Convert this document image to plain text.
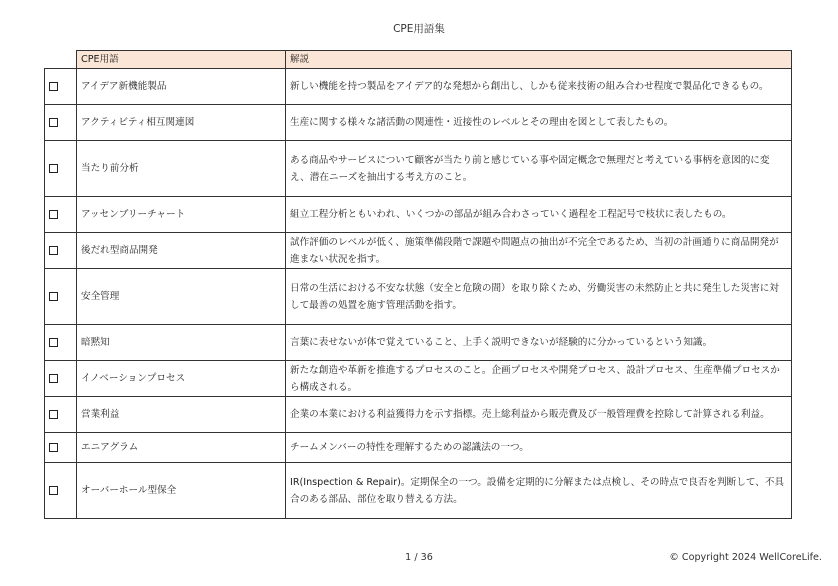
CPE用語集
	CPE用語	解説
	アイデア新機能製品	新しい機能を持つ製品をアイデア的な発想から創出し、しかも従来技術の組み合わせ程度で製品化できるもの。
	アクティビティ相互関連図	生産に関する様々な諸活動の関連性・近接性のレベルとその理由を図として表したもの。
	当たり前分析	ある商品やサービスについて顧客が当たり前と感じている事や固定概念で無理だと考えている事柄を意図的に変え、潜在ニーズを抽出する考え方のこと。
	アッセンブリーチャート	組立工程分析ともいわれ、いくつかの部品が組み合わさっていく過程を工程記号で枝状に表したもの。
	後だれ型商品開発	試作評価のレベルが低く、施策準備段階で課題や問題点の抽出が不完全であるため、当初の計画通りに商品開発が進まない状況を指す。
	安全管理	日常の生活における不安な状態（安全と危険の間）を取り除くため、労働災害の未然防止と共に発生した災害に対して最善の処置を施す管理活動を指す。
	暗黙知	言葉に表せないが体で覚えていること、上手く説明できないが経験的に分かっているという知識。
	イノベーションプロセス	新たな創造や革新を推進するプロセスのこと。企画プロセスや開発プロセス、設計プロセス、生産準備プロセスから構成される。
	営業利益	企業の本業における利益獲得力を示す指標。売上総利益から販売費及び一般管理費を控除して計算される利益。
	エニアグラム	チームメンバーの特性を理解するための認識法の一つ。
	オーバーホール型保全	IR(Inspection & Repair)。定期保全の一つ。設備を定期的に分解または点検し、その時点で良否を判断して、不具合のある部品、部位を取り替える方法。
1 / 36	© Copyright 2024 WellCoreLife.
